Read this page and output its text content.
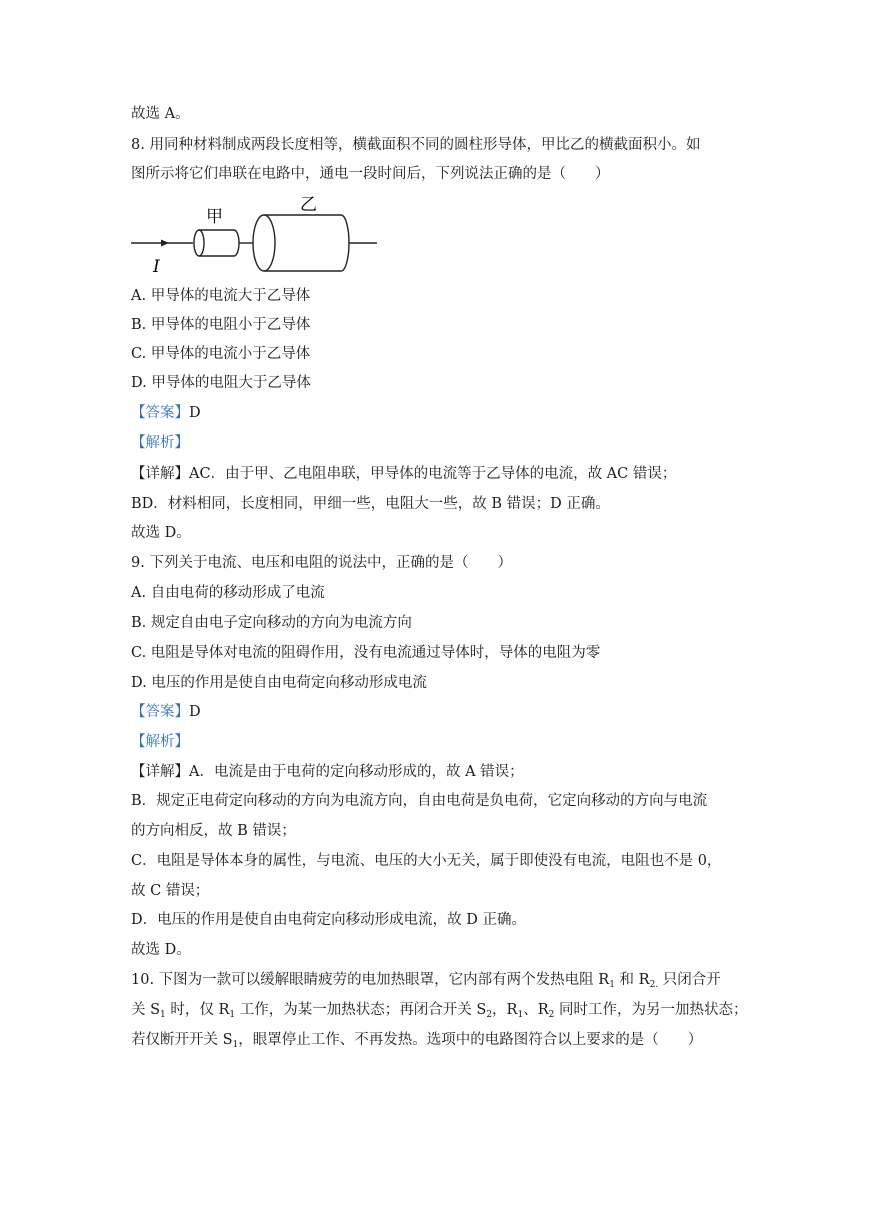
故选 A。
8. 用同种材料制成两段长度相等，横截面积不同的圆柱形导体，甲比乙的横截面积小。如
图所示将它们串联在电路中，通电一段时间后，下列说法正确的是（　　）
甲
乙
I
A. 甲导体的电流大于乙导体
B. 甲导体的电阻小于乙导体
C. 甲导体的电流小于乙导体
D. 甲导体的电阻大于乙导体
【答案】D
【解析】
【详解】AC．由于甲、乙电阻串联，甲导体的电流等于乙导体的电流，故 AC 错误；
BD．材料相同，长度相同，甲细一些，电阻大一些，故 B 错误；D 正确。
故选 D。
9. 下列关于电流、电压和电阻的说法中，正确的是（　　）
A. 自由电荷的移动形成了电流
B. 规定自由电子定向移动的方向为电流方向
C. 电阻是导体对电流的阻碍作用，没有电流通过导体时，导体的电阻为零
D. 电压的作用是使自由电荷定向移动形成电流
【答案】D
【解析】
【详解】A．电流是由于电荷的定向移动形成的，故 A 错误；
B．规定正电荷定向移动的方向为电流方向，自由电荷是负电荷，它定向移动的方向与电流
的方向相反，故 B 错误；
C．电阻是导体本身的属性，与电流、电压的大小无关，属于即使没有电流，电阻也不是 0，
故 C 错误；
D．电压的作用是使自由电荷定向移动形成电流，故 D 正确。
故选 D。
10. 下图为一款可以缓解眼睛疲劳的电加热眼罩，它内部有两个发热电阻 $R_1$ 和 $R_{2.}$ 只闭合开
关 $S_1$ 时，仅 $R_1$ 工作，为某一加热状态；再闭合开关 $S_2$，$R_1$、$R_2$ 同时工作，为另一加热状态；
若仅断开开关 $S_1$，眼罩停止工作、不再发热。选项中的电路图符合以上要求的是（　　）
